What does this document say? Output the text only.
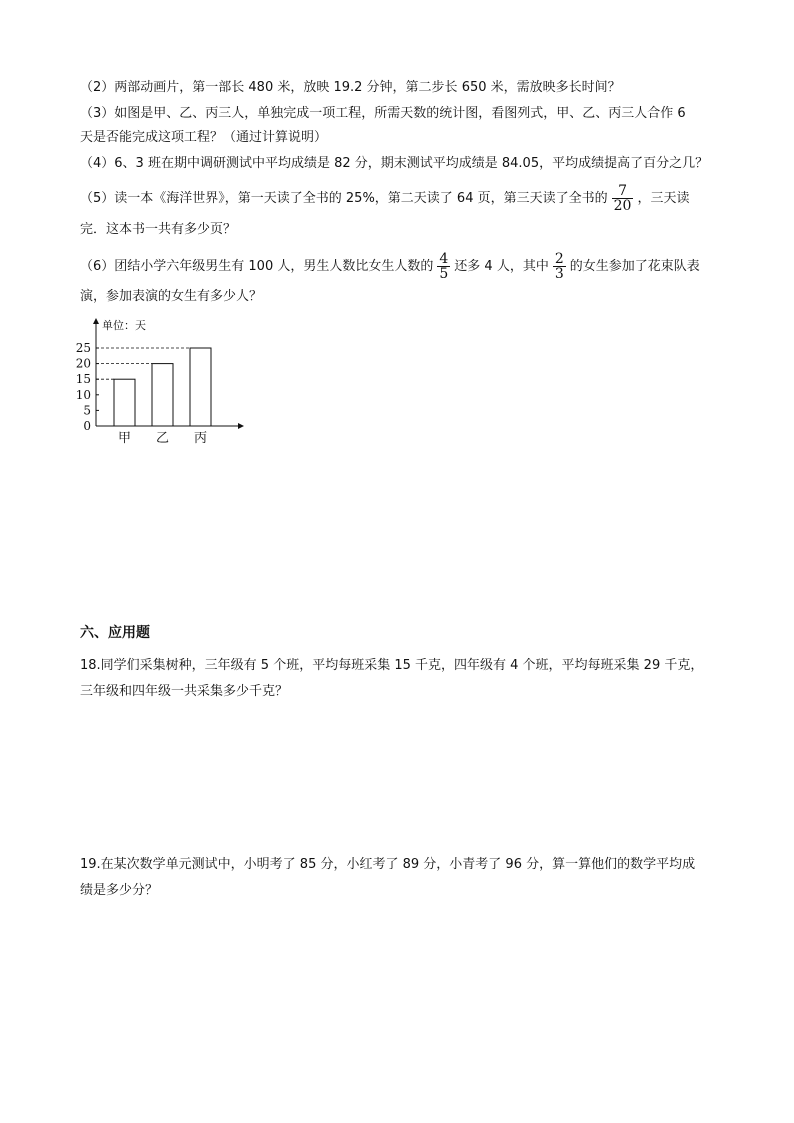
（2）两部动画片，第一部长 480 米，放映 19.2 分钟，第二步长 650 米，需放映多长时间？
（3）如图是甲、乙、丙三人，单独完成一项工程，所需天数的统计图，看图列式，甲、乙、丙三人合作 6
天是否能完成这项工程？（通过计算说明）
（4）6、3 班在期中调研测试中平均成绩是 82 分，期末测试平均成绩是 84.05，平均成绩提高了百分之几？
（5）读一本《海洋世界》，第一天读了全书的 25%，第二天读了 64 页，第三天读了全书的 $\frac{7}{20}$ ，三天读
完．这本书一共有多少页？
（6）团结小学六年级男生有 100 人，男生人数比女生人数的 $\frac{4}{5}$ 还多 4 人，其中 $\frac{2}{3}$ 的女生参加了花束队表
演，参加表演的女生有多少人？
单位：天
0
5
10
15
20
25
甲 乙 丙
六、应用题
18.同学们采集树种，三年级有 5 个班，平均每班采集 15 千克，四年级有 4 个班，平均每班采集 29 千克，
三年级和四年级一共采集多少千克？
19.在某次数学单元测试中，小明考了 85 分，小红考了 89 分，小青考了 96 分，算一算他们的数学平均成
绩是多少分？
